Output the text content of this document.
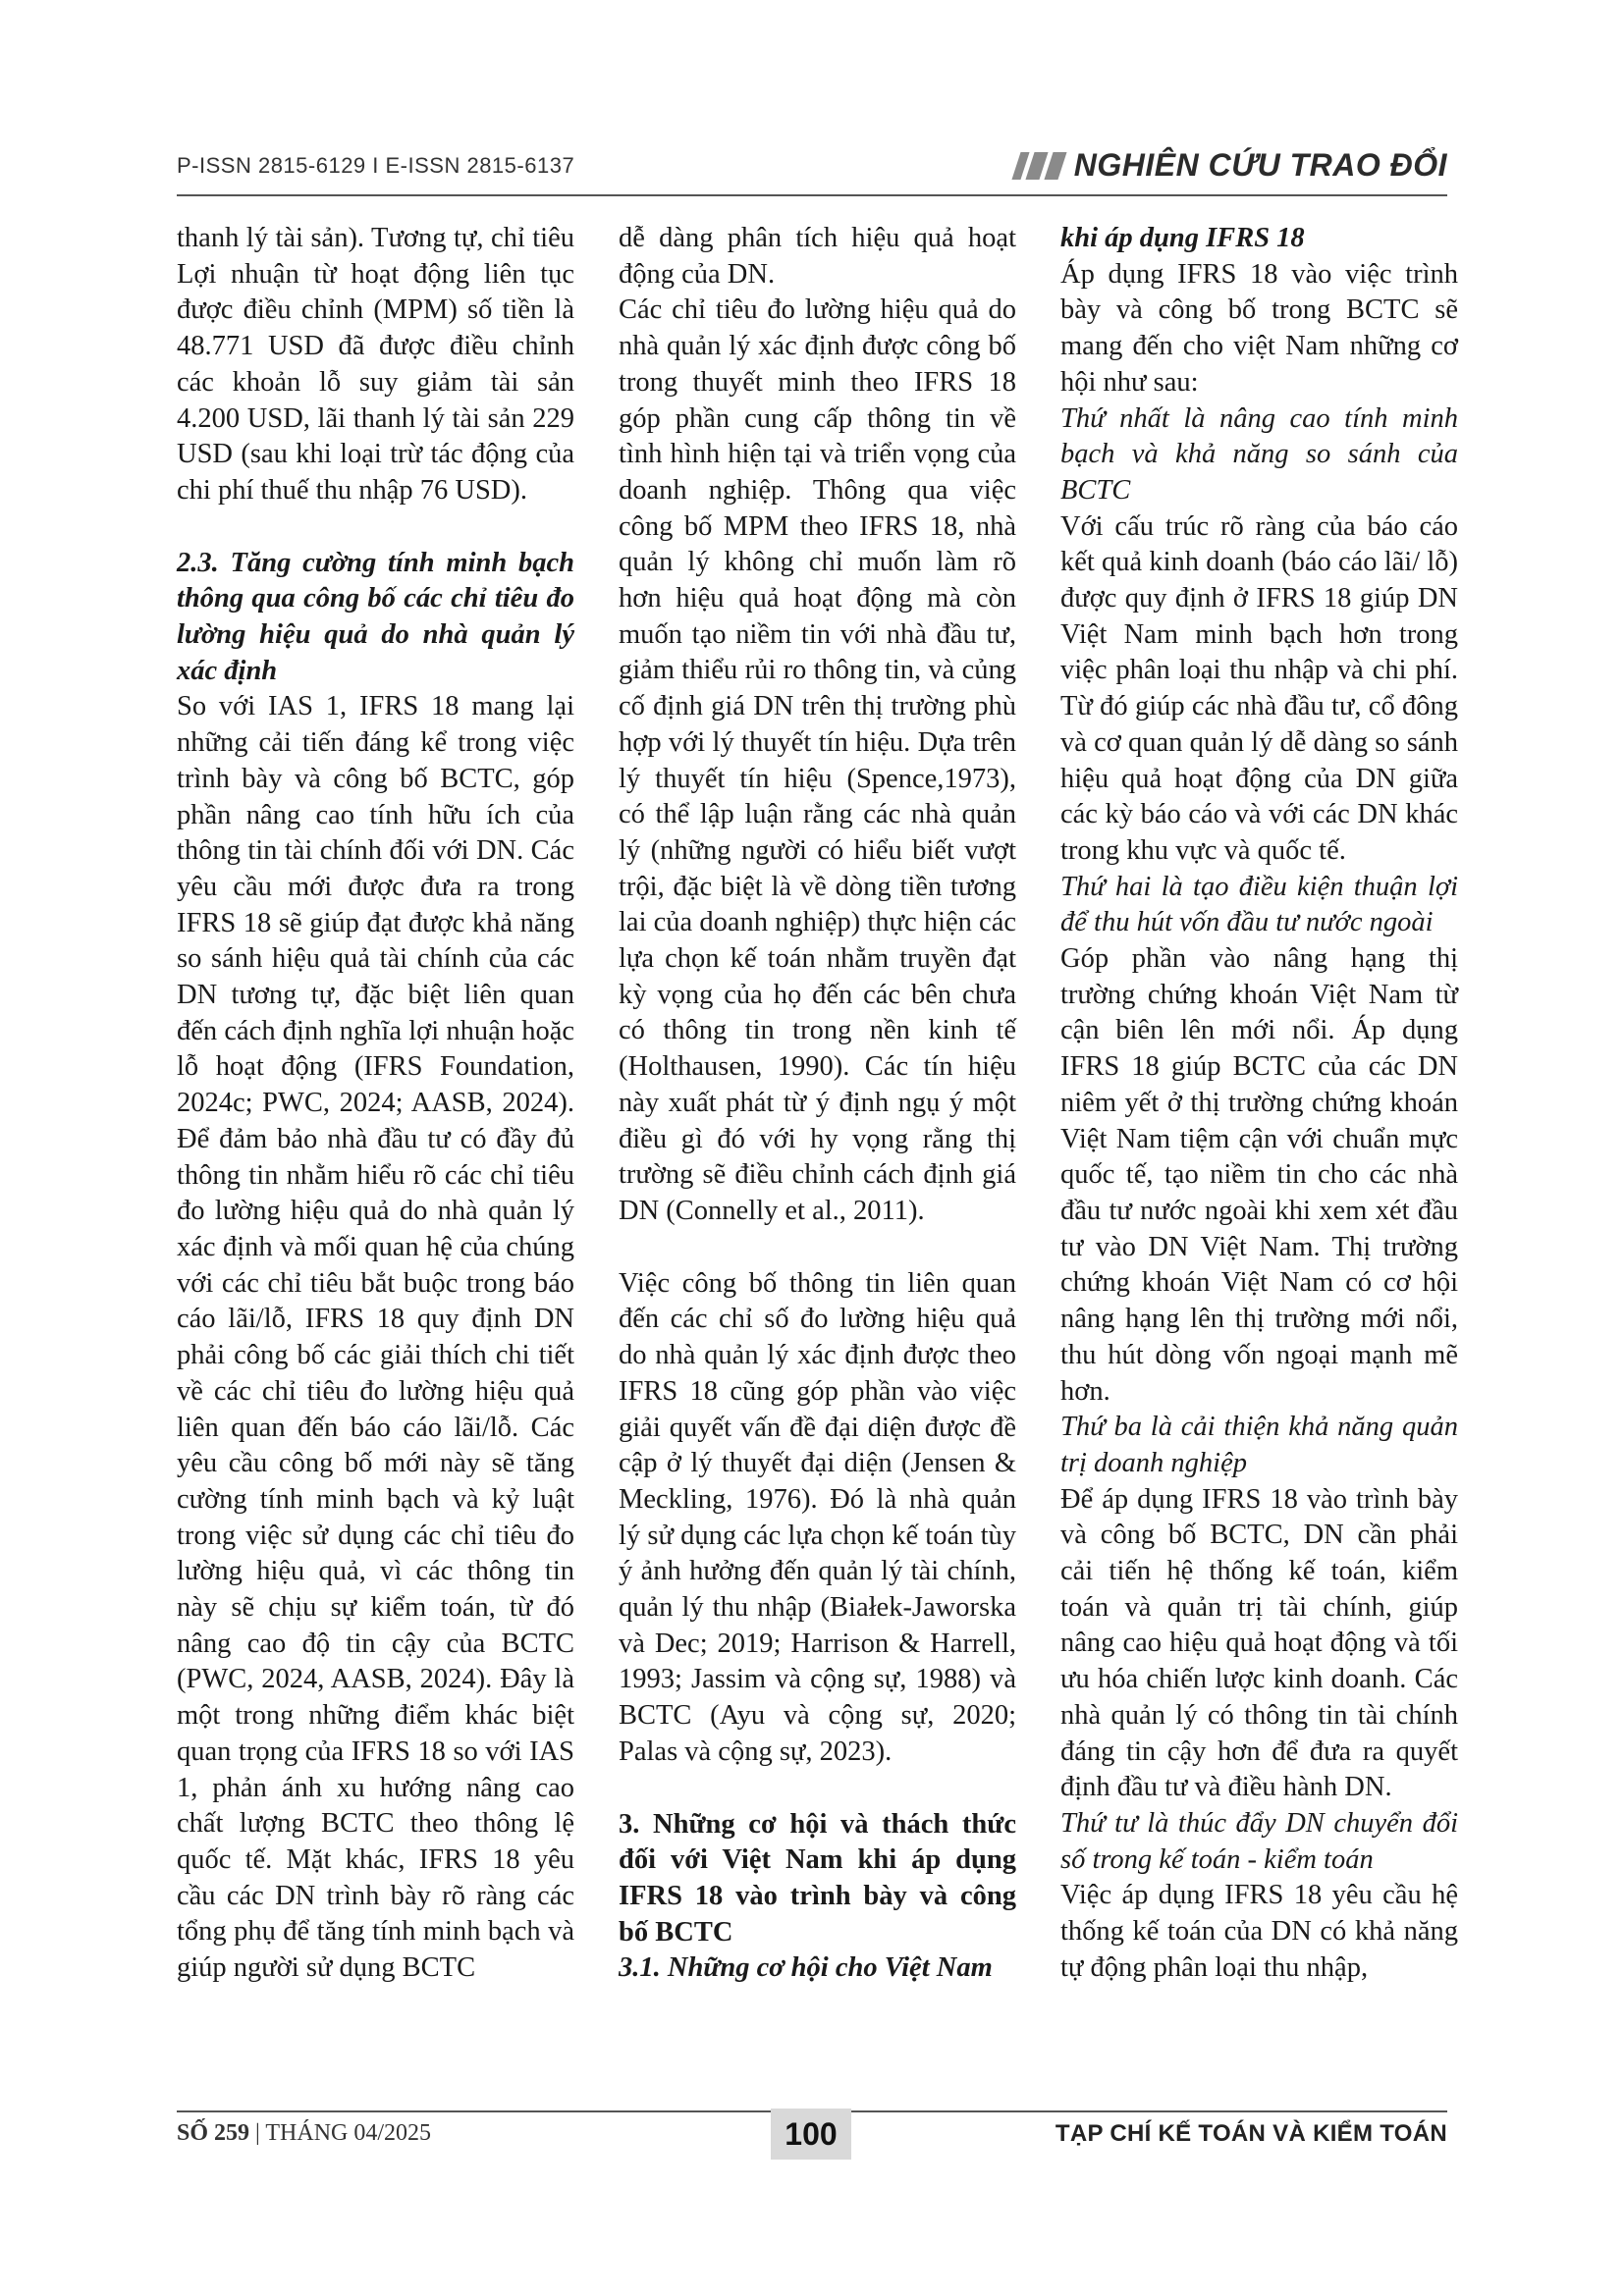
P-ISSN 2815-6129 I E-ISSN 2815-6137	NGHIÊN CỨU TRAO ĐỔI

thanh lý tài sản). Tương tự, chỉ tiêu Lợi nhuận từ hoạt động liên tục được điều chỉnh (MPM) số tiền là 48.771 USD đã được điều chỉnh các khoản lỗ suy giảm tài sản 4.200 USD, lãi thanh lý tài sản 229 USD (sau khi loại trừ tác động của chi phí thuế thu nhập 76 USD).

2.3. Tăng cường tính minh bạch thông qua công bố các chỉ tiêu đo lường hiệu quả do nhà quản lý xác định

So với IAS 1, IFRS 18 mang lại những cải tiến đáng kể trong việc trình bày và công bố BCTC, góp phần nâng cao tính hữu ích của thông tin tài chính đối với DN. Các yêu cầu mới được đưa ra trong IFRS 18 sẽ giúp đạt được khả năng so sánh hiệu quả tài chính của các DN tương tự, đặc biệt liên quan đến cách định nghĩa lợi nhuận hoặc lỗ hoạt động (IFRS Foundation, 2024c; PWC, 2024; AASB, 2024). Để đảm bảo nhà đầu tư có đầy đủ thông tin nhằm hiểu rõ các chỉ tiêu đo lường hiệu quả do nhà quản lý xác định và mối quan hệ của chúng với các chỉ tiêu bắt buộc trong báo cáo lãi/lỗ, IFRS 18 quy định DN phải công bố các giải thích chi tiết về các chỉ tiêu đo lường hiệu quả liên quan đến báo cáo lãi/lỗ. Các yêu cầu công bố mới này sẽ tăng cường tính minh bạch và kỷ luật trong việc sử dụng các chỉ tiêu đo lường hiệu quả, vì các thông tin này sẽ chịu sự kiểm toán, từ đó nâng cao độ tin cậy của BCTC (PWC, 2024, AASB, 2024). Đây là một trong những điểm khác biệt quan trọng của IFRS 18 so với IAS 1, phản ánh xu hướng nâng cao chất lượng BCTC theo thông lệ quốc tế. Mặt khác, IFRS 18 yêu cầu các DN trình bày rõ ràng các tổng phụ để tăng tính minh bạch và giúp người sử dụng BCTC

dễ dàng phân tích hiệu quả hoạt động của DN.

Các chỉ tiêu đo lường hiệu quả do nhà quản lý xác định được công bố trong thuyết minh theo IFRS 18 góp phần cung cấp thông tin về tình hình hiện tại và triển vọng của doanh nghiệp. Thông qua việc công bố MPM theo IFRS 18, nhà quản lý không chỉ muốn làm rõ hơn hiệu quả hoạt động mà còn muốn tạo niềm tin với nhà đầu tư, giảm thiểu rủi ro thông tin, và củng cố định giá DN trên thị trường phù hợp với lý thuyết tín hiệu. Dựa trên lý thuyết tín hiệu (Spence,1973), có thể lập luận rằng các nhà quản lý (những người có hiểu biết vượt trội, đặc biệt là về dòng tiền tương lai của doanh nghiệp) thực hiện các lựa chọn kế toán nhằm truyền đạt kỳ vọng của họ đến các bên chưa có thông tin trong nền kinh tế (Holthausen, 1990). Các tín hiệu này xuất phát từ ý định ngụ ý một điều gì đó với hy vọng rằng thị trường sẽ điều chỉnh cách định giá DN (Connelly et al., 2011).

Việc công bố thông tin liên quan đến các chỉ số đo lường hiệu quả do nhà quản lý xác định được theo IFRS 18 cũng góp phần vào việc giải quyết vấn đề đại diện được đề cập ở lý thuyết đại diện (Jensen & Meckling, 1976). Đó là nhà quản lý sử dụng các lựa chọn kế toán tùy ý ảnh hưởng đến quản lý tài chính, quản lý thu nhập (Białek-Jaworska và Dec; 2019; Harrison & Harrell, 1993; Jassim và cộng sự, 1988) và BCTC (Ayu và cộng sự, 2020; Palas và cộng sự, 2023).

3. Những cơ hội và thách thức đối với Việt Nam khi áp dụng IFRS 18 vào trình bày và công bố BCTC

3.1. Những cơ hội cho Việt Nam

khi áp dụng IFRS 18

Áp dụng IFRS 18 vào việc trình bày và công bố trong BCTC sẽ mang đến cho việt Nam những cơ hội như sau:

Thứ nhất là nâng cao tính minh bạch và khả năng so sánh của BCTC

Với cấu trúc rõ ràng của báo cáo kết quả kinh doanh (báo cáo lãi/ lỗ) được quy định ở IFRS 18 giúp DN Việt Nam minh bạch hơn trong việc phân loại thu nhập và chi phí. Từ đó giúp các nhà đầu tư, cổ đông và cơ quan quản lý dễ dàng so sánh hiệu quả hoạt động của DN giữa các kỳ báo cáo và với các DN khác trong khu vực và quốc tế.

Thứ hai là tạo điều kiện thuận lợi để thu hút vốn đầu tư nước ngoài

Góp phần vào nâng hạng thị trường chứng khoán Việt Nam từ cận biên lên mới nổi. Áp dụng IFRS 18 giúp BCTC của các DN niêm yết ở thị trường chứng khoán Việt Nam tiệm cận với chuẩn mực quốc tế, tạo niềm tin cho các nhà đầu tư nước ngoài khi xem xét đầu tư vào DN Việt Nam. Thị trường chứng khoán Việt Nam có cơ hội nâng hạng lên thị trường mới nổi, thu hút dòng vốn ngoại mạnh mẽ hơn.

Thứ ba là cải thiện khả năng quản trị doanh nghiệp

Để áp dụng IFRS 18 vào trình bày và công bố BCTC, DN cần phải cải tiến hệ thống kế toán, kiểm toán và quản trị tài chính, giúp nâng cao hiệu quả hoạt động và tối ưu hóa chiến lược kinh doanh. Các nhà quản lý có thông tin tài chính đáng tin cậy hơn để đưa ra quyết định đầu tư và điều hành DN.

Thứ tư là thúc đẩy DN chuyển đổi số trong kế toán - kiểm toán

Việc áp dụng IFRS 18 yêu cầu hệ thống kế toán của DN có khả năng tự động phân loại thu nhập,

SỐ 259 | THÁNG 04/2025	100	TẠP CHÍ KẾ TOÁN VÀ KIỂM TOÁN
